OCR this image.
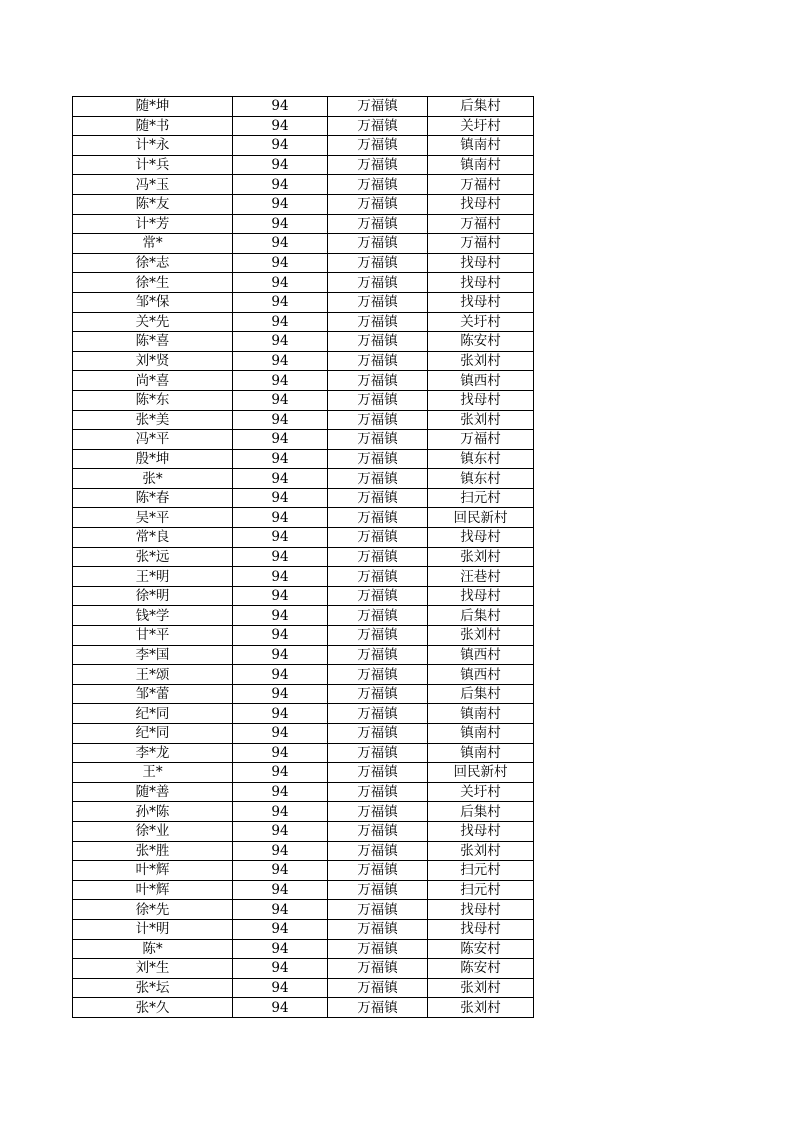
随*坤	94	万福镇	后集村
随*书	94	万福镇	关圩村
计*永	94	万福镇	镇南村
计*兵	94	万福镇	镇南村
冯*玉	94	万福镇	万福村
陈*友	94	万福镇	找母村
计*芳	94	万福镇	万福村
常*	94	万福镇	万福村
徐*志	94	万福镇	找母村
徐*生	94	万福镇	找母村
邹*保	94	万福镇	找母村
关*先	94	万福镇	关圩村
陈*喜	94	万福镇	陈安村
刘*贤	94	万福镇	张刘村
尚*喜	94	万福镇	镇西村
陈*东	94	万福镇	找母村
张*美	94	万福镇	张刘村
冯*平	94	万福镇	万福村
殷*坤	94	万福镇	镇东村
张*	94	万福镇	镇东村
陈*春	94	万福镇	扫元村
吴*平	94	万福镇	回民新村
常*良	94	万福镇	找母村
张*远	94	万福镇	张刘村
王*明	94	万福镇	汪巷村
徐*明	94	万福镇	找母村
钱*学	94	万福镇	后集村
甘*平	94	万福镇	张刘村
李*国	94	万福镇	镇西村
王*颂	94	万福镇	镇西村
邹*蕾	94	万福镇	后集村
纪*同	94	万福镇	镇南村
纪*同	94	万福镇	镇南村
李*龙	94	万福镇	镇南村
王*	94	万福镇	回民新村
随*善	94	万福镇	关圩村
孙*陈	94	万福镇	后集村
徐*业	94	万福镇	找母村
张*胜	94	万福镇	张刘村
叶*辉	94	万福镇	扫元村
叶*辉	94	万福镇	扫元村
徐*先	94	万福镇	找母村
计*明	94	万福镇	找母村
陈*	94	万福镇	陈安村
刘*生	94	万福镇	陈安村
张*坛	94	万福镇	张刘村
张*久	94	万福镇	张刘村
